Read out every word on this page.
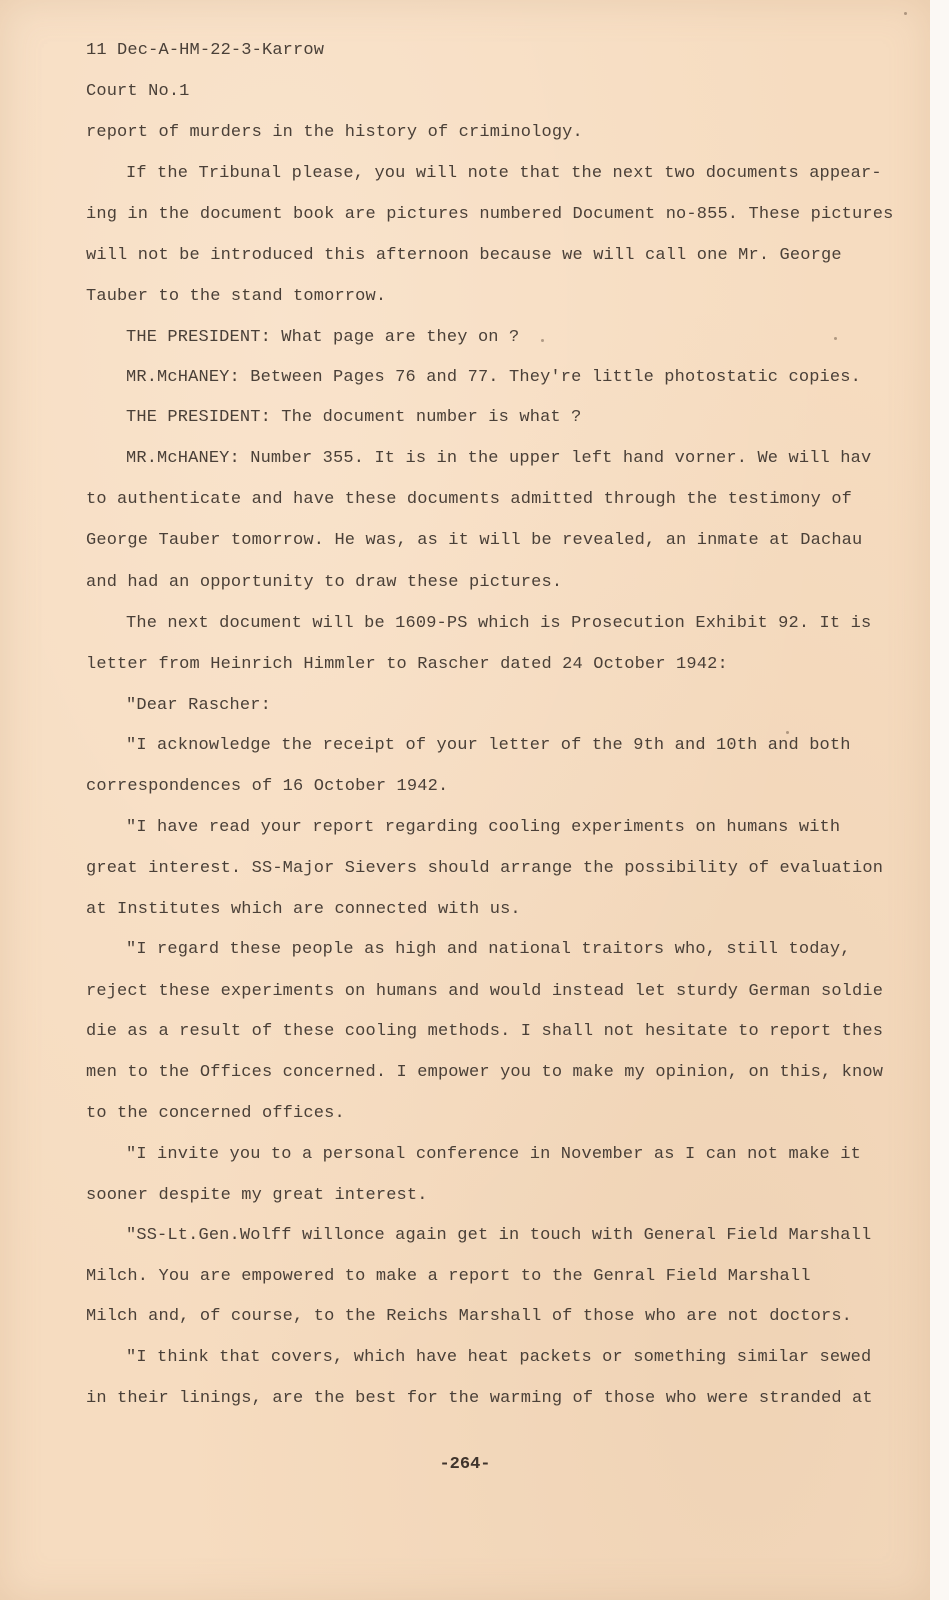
11 Dec-A-HM-22-3-Karrow

Court No.1

report of murders in the history of criminology.

If the Tribunal please, you will note that the next two documents appear-

ing in the document book are pictures numbered Document no-855. These pictures

will not be introduced this afternoon because we will call one Mr. George

Tauber to the stand tomorrow.

THE PRESIDENT: What page are they on ?

MR.McHANEY: Between Pages 76 and 77. They're little photostatic copies.

THE PRESIDENT: The document number is what ?

MR.McHANEY: Number 355. It is in the upper left hand vorner. We will hav

to authenticate and have these documents admitted through the testimony of

George Tauber tomorrow. He was, as it will be revealed, an inmate at Dachau

and had an opportunity to draw these pictures.

The next document will be 1609-PS which is Prosecution Exhibit 92. It is

letter from Heinrich Himmler to Rascher dated 24 October 1942:

"Dear Rascher:

"I acknowledge the receipt of your letter of the 9th and 10th and both

correspondences of 16 October 1942.

"I have read your report regarding cooling experiments on humans with

great interest. SS-Major Sievers should arrange the possibility of evaluation

at Institutes which are connected with us.

"I regard these people as high and national traitors who, still today,

reject these experiments on humans and would instead let sturdy German soldie

die as a result of these cooling methods. I shall not hesitate to report thes

men to the Offices concerned. I empower you to make my opinion, on this, know

to the concerned offices.

"I invite you to a personal conference in November as I can not make it

sooner despite my great interest.

"SS-Lt.Gen.Wolff willonce again get in touch with General Field Marshall

Milch. You are empowered to make a report to the Genral Field Marshall

Milch and, of course, to the Reichs Marshall of those who are not doctors.

"I think that covers, which have heat packets or something similar sewed

in their linings, are the best for the warming of those who were stranded at

-264-
